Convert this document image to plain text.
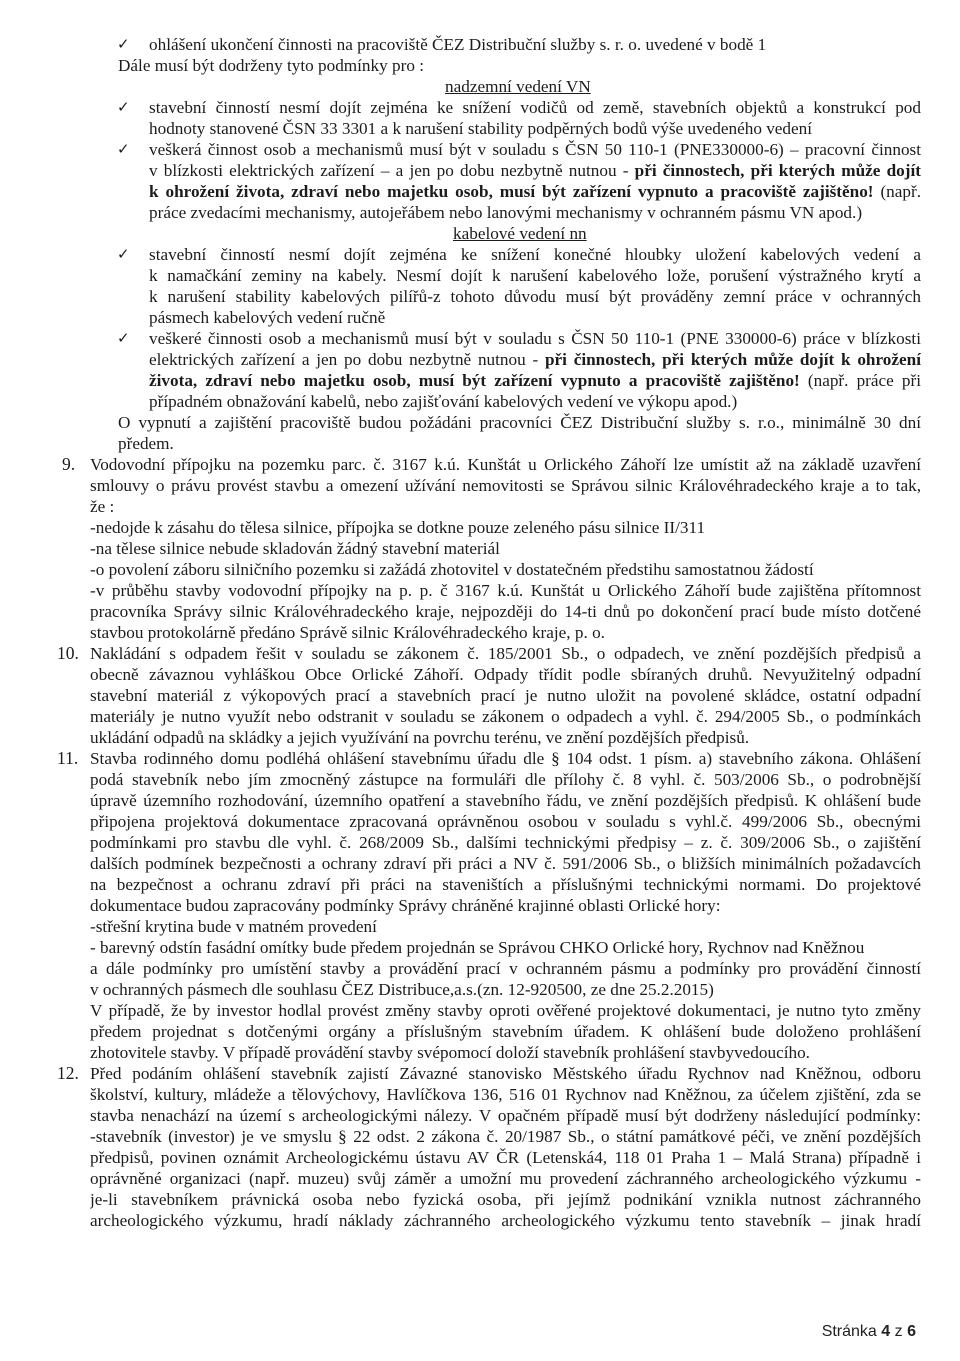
✓ ohlášení ukončení činnosti na pracoviště ČEZ Distribuční služby s. r. o. uvedené v bodě 1
Dále musí být dodrženy tyto podmínky pro :
nadzemní vedení VN
✓ stavební činností nesmí dojít zejména ke snížení vodičů od země, stavebních objektů a konstrukcí pod
hodnoty stanovené ČSN 33 3301 a k narušení stability podpěrných bodů výše uvedeného vedení
✓ veškerá činnost osob a mechanismů musí být v souladu s ČSN 50 110-1 (PNE330000-6) – pracovní činnost
v blízkosti elektrických zařízení – a jen po dobu nezbytně nutnou - při činnostech, při kterých může dojít
k ohrožení života, zdraví nebo majetku osob, musí být zařízení vypnuto a pracoviště zajištěno! (např.
práce zvedacími mechanismy, autojeřábem nebo lanovými mechanismy v ochranném pásmu VN apod.)
kabelové vedení nn
✓ stavební činností nesmí dojít zejména ke snížení konečné hloubky uložení kabelových vedení a
k namačkání zeminy na kabely. Nesmí dojít k narušení kabelového lože, porušení výstražného krytí a
k narušení stability kabelových pilířů-z tohoto důvodu musí být prováděny zemní práce v ochranných
pásmech kabelových vedení ručně
✓ veškeré činnosti osob a mechanismů musí být v souladu s ČSN 50 110-1 (PNE 330000-6) práce v blízkosti
elektrických zařízení a jen po dobu nezbytně nutnou - při činnostech, při kterých může dojít k ohrožení
života, zdraví nebo majetku osob, musí být zařízení vypnuto a pracoviště zajištěno! (např. práce při
případném obnažování kabelů, nebo zajišťování kabelových vedení ve výkopu apod.)
O vypnutí a zajištění pracoviště budou požádáni pracovníci ČEZ Distribuční služby s. r.o., minimálně 30 dní
předem.
9. Vodovodní přípojku na pozemku parc. č. 3167 k.ú. Kunštát u Orlického Záhoří lze umístit až na základě uzavření
smlouvy o právu provést stavbu a omezení užívání nemovitosti se Správou silnic Královéhradeckého kraje a to tak,
že :
-nedojde k zásahu do tělesa silnice, přípojka se dotkne pouze zeleného pásu silnice II/311
-na tělese silnice nebude skladován žádný stavební materiál
-o povolení záboru silničního pozemku si zažádá zhotovitel v dostatečném předstihu samostatnou žádostí
-v průběhu stavby vodovodní přípojky na p. p. č 3167 k.ú. Kunštát u Orlického Záhoří bude zajištěna přítomnost
pracovníka Správy silnic Královéhradeckého kraje, nejpozději do 14-ti dnů po dokončení prací bude místo dotčené
stavbou protokolárně předáno Správě silnic Královéhradeckého kraje, p. o.
10. Nakládání s odpadem řešit v souladu se zákonem č. 185/2001 Sb., o odpadech, ve znění pozdějších předpisů a
obecně závaznou vyhláškou Obce Orlické Záhoří. Odpady třídit podle sbíraných druhů. Nevyužitelný odpadní
stavební materiál z výkopových prací a stavebních prací je nutno uložit na povolené skládce, ostatní odpadní
materiály je nutno využít nebo odstranit v souladu se zákonem o odpadech a vyhl. č. 294/2005 Sb., o podmínkách
ukládání odpadů na skládky a jejich využívání na povrchu terénu, ve znění pozdějších předpisů.
11. Stavba rodinného domu podléhá ohlášení stavebnímu úřadu dle § 104 odst. 1 písm. a) stavebního zákona. Ohlášení
podá stavebník nebo jím zmocněný zástupce na formuláři dle přílohy č. 8 vyhl. č. 503/2006 Sb., o podrobnější
úpravě územního rozhodování, územního opatření a stavebního řádu, ve znění pozdějších předpisů. K ohlášení bude
připojena projektová dokumentace zpracovaná oprávněnou osobou v souladu s vyhl.č. 499/2006 Sb., obecnými
podmínkami pro stavbu dle vyhl. č. 268/2009 Sb., dalšími technickými předpisy – z. č. 309/2006 Sb., o zajištění
dalších podmínek bezpečnosti a ochrany zdraví při práci a NV č. 591/2006 Sb., o bližších minimálních požadavcích
na bezpečnost a ochranu zdraví při práci na staveništích a příslušnými technickými normami. Do projektové
dokumentace budou zapracovány podmínky Správy chráněné krajinné oblasti Orlické hory:
-střešní krytina bude v matném provedení
- barevný odstín fasádní omítky bude předem projednán se Správou CHKO Orlické hory, Rychnov nad Kněžnou
a dále podmínky pro umístění stavby a provádění prací v ochranném pásmu a podmínky pro provádění činností
v ochranných pásmech dle souhlasu ČEZ Distribuce,a.s.(zn. 12-920500, ze dne 25.2.2015)
V případě, že by investor hodlal provést změny stavby oproti ověřené projektové dokumentaci, je nutno tyto změny
předem projednat s dotčenými orgány a příslušným stavebním úřadem. K ohlášení bude doloženo prohlášení
zhotovitele stavby. V případě provádění stavby svépomocí doloží stavebník prohlášení stavbyvedoucího.
12. Před podáním ohlášení stavebník zajistí Závazné stanovisko Městského úřadu Rychnov nad Kněžnou, odboru
školství, kultury, mládeže a tělovýchovy, Havlíčkova 136, 516 01 Rychnov nad Kněžnou, za účelem zjištění, zda se
stavba nenachází na území s archeologickými nálezy. V opačném případě musí být dodrženy následující podmínky:
-stavebník (investor) je ve smyslu § 22 odst. 2 zákona č. 20/1987 Sb., o státní památkové péči, ve znění pozdějších
předpisů, povinen oznámit Archeologickému ústavu AV ČR (Letenská4, 118 01 Praha 1 – Malá Strana) případně i
oprávněné organizaci (např. muzeu) svůj záměr a umožní mu provedení záchranného archeologického výzkumu -
je-li stavebníkem právnická osoba nebo fyzická osoba, při jejímž podnikání vznikla nutnost záchranného
archeologického výzkumu, hradí náklady záchranného archeologického výzkumu tento stavebník – jinak hradí
Stránka 4 z 6
